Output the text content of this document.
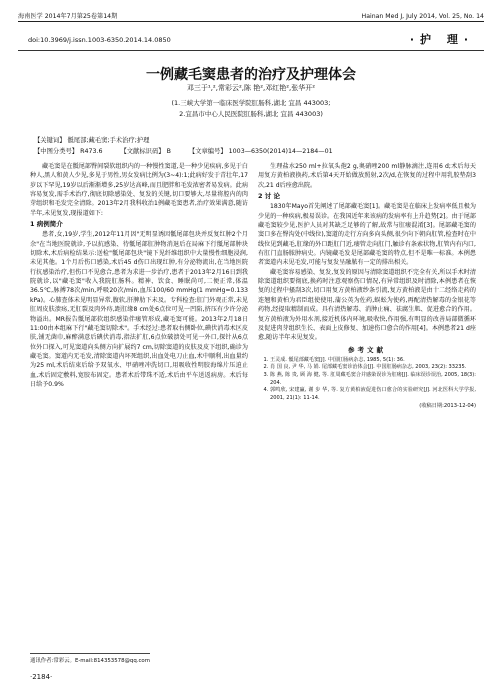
海南医学 2014年7月第25卷第14期	Hainan Med J, July 2014, Vol. 25, No. 14
doi:10.3969/j.issn.1003-6350.2014.14.0850	·护 理·
一例藏毛窦患者的治疗及护理体会
邓三于¹,²,常彩云²,陈 艳²,邓红艳²,张华开²
(1.三峡大学第一临床医学院肛肠科,湖北 宜昌 443003;
2.宜昌市中心人民医院肛肠科,湖北 宜昌 443003)
【关键词】 骶尾部;藏毛窦;手术治疗;护理
【中图分类号】 R473.6	【文献标识码】 B	【文章编号】 1003—6350(2014)14—2184—01

藏毛窦是在骶尾部臀间裂软组织内的一种慢性窦道,是一种少见疾病,多见于白种人,黑人和黄人少见,多见于男性,男女发病比例为(3~4):1;此病好发于青壮年,17岁以下罕见,19岁以后渐渐增多,25岁达高峰,而且肥胖和毛发浓密者易发病。此病容易复发,需手术治疗,彻底切除感染处、复发的关键,切口要够大,尽量将腔内的肉芽组织和毛发完全清除。2013年2月我科收治1例藏毛窦患者,治疗效果满意,随访半年,未见复发,现报道如下:

1 病例简介

患者,女,19岁,学生,2012年11月因"无明显诱因骶尾部包块并反复红肿2个月余"在当地医院就诊,予以抗感染、待骶尾部肛肿物消退后在局麻下行骶尾部肿块切除术,术后病检结果示:送检"骶尾部包块"镜下见纤维组织中大量慢性细胞浸润,未见其他。1个月后伤口感染,术后45 d伤口出现红肿,有分泌物流出,在当地医院行抗感染治疗,但伤口不见愈合,患者为求进一步治疗,患者于2013年2月16日到我院就诊,以"藏毛窦"收入我院肛肠科。精神、饮食、睡眠尚可,二便正常,体温36.5℃,脉搏78次/min,呼吸20次/min,血压100/60 mmHg(1 mmHg=0.133 kPa)。心肺查体未见明显异常,腹软,肝脾肋下未及。专科检查:肛门外观正常,未见肛周皮肤溃疡,无肛裂及肉外痔,距肛缘8 cm处6点位可见一凹陷,挤压有少许分泌物溢出。MR报告骶尾部软组织感染伴瘘管形成,藏毛窦可能。2013年2月18日11:00由本组麻下行"藏毛窦切除术"。手术经过:患者取右侧卧位,碘伏消毒术区皮肤,铺无菌巾,麻醉满意后碘伏消毒,指法扩肛,6点位破溃处可见一外口,探针从6点位外口探入,可见窦道向头侧方向扩展约7 cm,切除窦道的皮肤及皮下组织,确诊为藏毛窦。窦道内无毛发,清除窦道内坏死组织,出血处电刀止血,术中顺利,出血量约为25 ml,术后结束后给予双氧水、甲硝唑冲洗切口,用吸收性明胶海绵片压迫止血,术后固定敷料,宽胶布固定。患者术后带珠不适,术后由平车送返病房。术后每日给予0.9%

生理盐水250 ml+拉氧头孢2 g,奥硝唑200 ml静脉滴注,连用6 d;术后每天用复方黄柏液换药,术后第4天开始做放照射,2次/d,在恢复的过程中用乳胶垫刮3次,21 d后痊愈出院。

2 讨 论

1830年Mayo首先阐述了尾部藏毛窦[1]。藏毛窦是在临床上发病率低且极为少见的一种疾病,极易误诊。在我国近年来该病的发病率有上升趋势[2]。由于尾部藏毛窦较少见,医护人员对其缺乏足够的了解,故常与肛瘘混淆[3]。尾部藏毛窦的窦口多在臀沟处(中线位),窦道的走行方向多向头侧,很少向下朝向肛管,检查时在中线位见到藏毛,肛缘的外口距肛门近,瘘管走向肛门,触诊有条索状物,肛管内有内口,有肛门直肠脓肿病史。内镜藏毛发是尾部藏毛窦的特点,但不是唯一标准。本例患者窦道内未见毛发,可能与复发呈融脓有一定的排出相关。

藏毛窦容易感染、复发,复发的原因与清除窦道组织不完全有关,所以手术时清除窦道组织要彻底,换药时注意观察伤口情况,有异常组织及时清除,本例患者在恢复的过程中搔刮3次,切口用复方黄柏液纱条引流,复方黄柏液是由十二经络走药的连翘和黄柏为君臣组使使用,蒲公英为佐药,蜈蚣为使药,再配清热解毒的金银花等药物,经提取精制而成。具有清热解毒、消肿止痛、祛腐生肌、促进愈合的作用。复方黄柏液为外用水剂,接近机体内环境,吸收快,作用强,有明显的改善局部微循环及促进肉芽组织生长、表面上皮修复、加速伤口愈合的作用[4]。本例患者21 d痊愈,随访半年未见复发。

参考文献
1. 王灵成. 骶尾部藏毛窦[J]. 中国肛肠病杂志, 1985, 5(1): 36.
2. 肖 国 良, 尹 华, 马 娟. 尾部藏毛窦诊治体会[J]. 中国肛肠病杂志, 2003, 23(2): 33235.
3. 陈 燕, 陈 贵, 顾 海 健, 等. 肛周藏毛窦合并感染误诊为肛瘘[J]. 临床误诊误治, 2005, 18(3): 204.
4. 郭鸣欣, 宋建赢, 谢 步 华, 等. 复方黄柏液促进伤口愈合的实验研究[J]. 河北医科大学学报, 2001, 21(1): 11-14.
(收稿日期:2013-12-04)
通讯作者:常彩云。E-mail:814353578@qq.com
·2184·
